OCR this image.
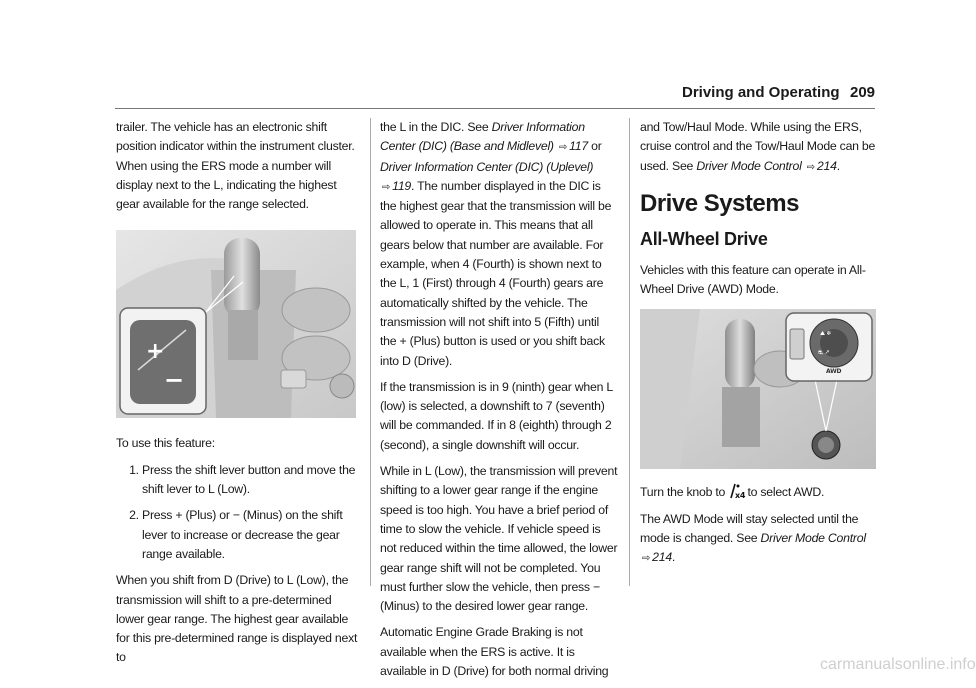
Driving and Operating 209

trailer. The vehicle has an electronic shift position indicator within the instrument cluster. When using the ERS mode a number will display next to the L, indicating the highest gear available for the range selected.

+
−

To use this feature:

1. Press the shift lever button and move the shift lever to L (Low).
2. Press + (Plus) or − (Minus) on the shift lever to increase or decrease the gear range available.

When you shift from D (Drive) to L (Low), the transmission will shift to a pre-determined lower gear range. The highest gear available for this pre-determined range is displayed next to

the L in the DIC. See Driver Information Center (DIC) (Base and Midlevel) ⇨ 117 or Driver Information Center (DIC) (Uplevel)
⇨ 119. The number displayed in the DIC is the highest gear that the transmission will be allowed to operate in. This means that all gears below that number are available. For example, when 4 (Fourth) is shown next to the L, 1 (First) through 4 (Fourth) gears are automatically shifted by the vehicle. The transmission will not shift into 5 (Fifth) until the + (Plus) button is used or you shift back into D (Drive).

If the transmission is in 9 (ninth) gear when L (low) is selected, a downshift to 7 (seventh) will be commanded. If in 8 (eighth) through 2 (second), a single downshift will occur.

While in L (Low), the transmission will prevent shifting to a lower gear range if the engine speed is too high. You have a brief period of time to slow the vehicle. If vehicle speed is not reduced within the time allowed, the lower gear range shift will not be completed. You must further slow the vehicle, then press − (Minus) to the desired lower gear range.

Automatic Engine Grade Braking is not available when the ERS is active. It is available in D (Drive) for both normal driving

and Tow/Haul Mode. While using the ERS, cruise control and the Tow/Haul Mode can be used. See Driver Mode Control ⇨ 214.

Drive Systems
All-Wheel Drive

Vehicles with this feature can operate in All-Wheel Drive (AWD) Mode.

⛰ ❄
⛐ ↗
AWD

Turn the knob to x4 to select AWD.

The AWD Mode will stay selected until the mode is changed. See Driver Mode Control
⇨ 214.

carmanualsonline.info
